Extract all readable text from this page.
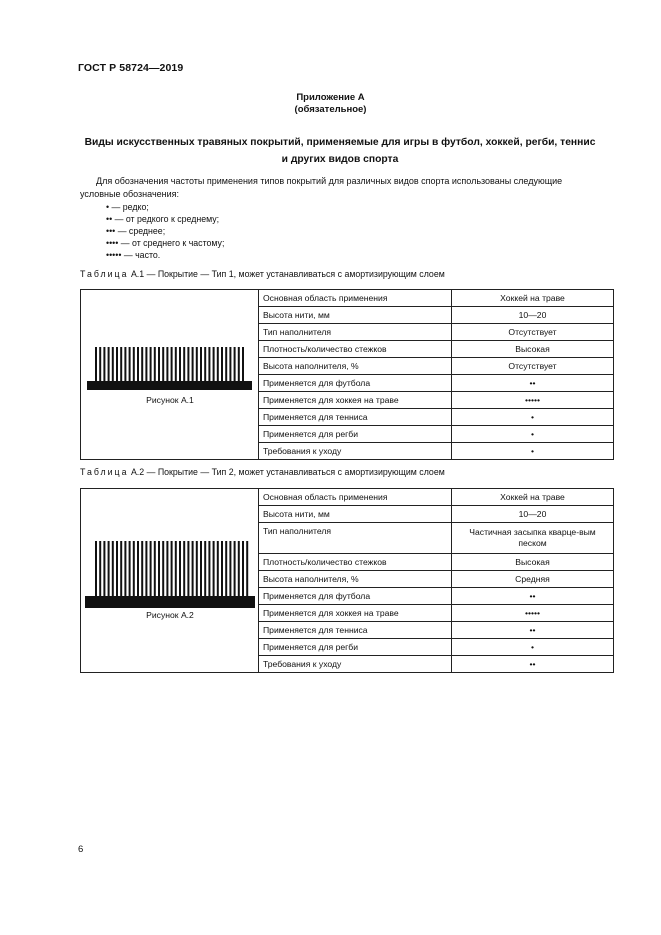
ГОСТ Р 58724—2019
Приложение А
(обязательное)
Виды искусственных травяных покрытий, применяемые для игры в футбол, хоккей, регби, теннис и других видов спорта
Для обозначения частоты применения типов покрытий для различных видов спорта использованы следующие условные обозначения:
• — редко;
•• — от редкого к среднему;
••• — среднее;
•••• — от среднего к частому;
••••• — часто.
Таблица А.1 — Покрытие — Тип 1, может устанавливаться с амортизирующим слоем
Рисунок А.1	Основная область применения	Хоккей на траве
	Высота нити, мм	10—20
	Тип наполнителя	Отсутствует
	Плотность/количество стежков	Высокая
	Высота наполнителя, %	Отсутствует
	Применяется для футбола	••
	Применяется для хоккея на траве	•••••
	Применяется для тенниса	•
	Применяется для регби	•
	Требования к уходу	•
Таблица А.2 — Покрытие — Тип 2, может устанавливаться с амортизирующим слоем
Рисунок А.2	Основная область применения	Хоккей на траве
	Высота нити, мм	10—20
	Тип наполнителя	Частичная засыпка кварце-вым песком
	Плотность/количество стежков	Высокая
	Высота наполнителя, %	Средняя
	Применяется для футбола	••
	Применяется для хоккея на траве	•••••
	Применяется для тенниса	••
	Применяется для регби	•
	Требования к уходу	••
6
